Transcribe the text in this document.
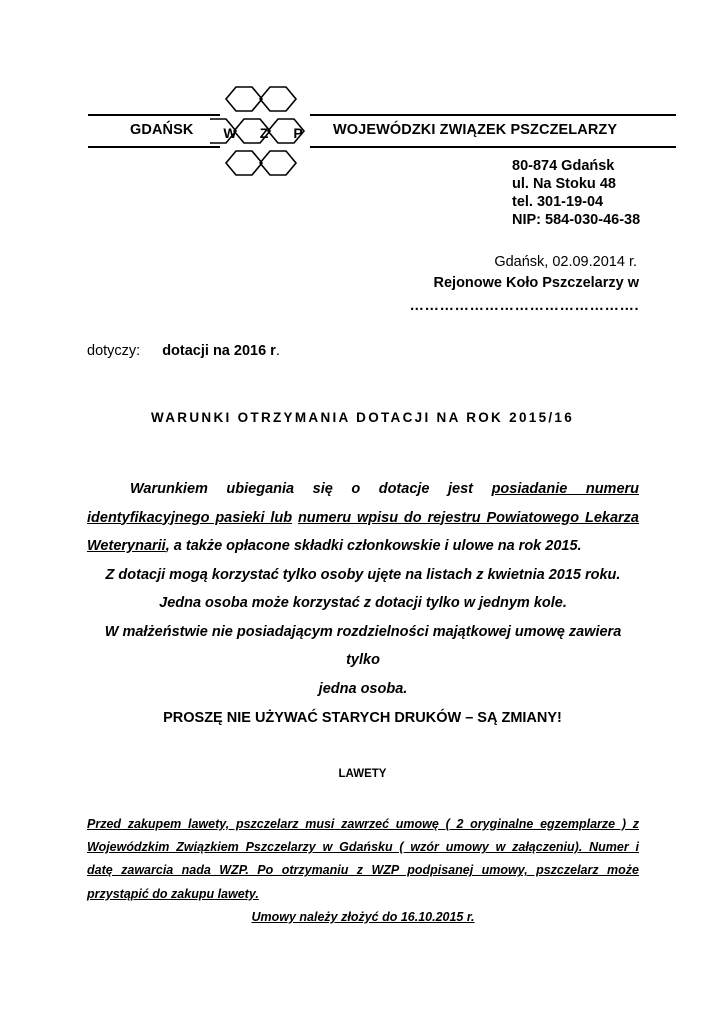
GDAŃSK	WOJEWÓDZKI ZWIĄZEK PSZCZELARZY
W Z P
80-874 Gdańsk
ul. Na Stoku 48
tel. 301-19-04
NIP: 584-030-46-38
Gdańsk, 02.09.2014 r.
Rejonowe Koło Pszczelarzy w
……………………………………….
dotyczy: dotacji na 2016 r.
WARUNKI OTRZYMANIA DOTACJI NA ROK 2015/16
Warunkiem ubiegania się o dotacje jest posiadanie numeru
identyfikacyjnego pasieki lub numeru wpisu do rejestru Powiatowego Lekarza
Weterynarii, a także opłacone składki członkowskie i ulowe na rok 2015.
Z dotacji mogą korzystać tylko osoby ujęte na listach z kwietnia 2015 roku.
Jedna osoba może korzystać z dotacji tylko w jednym kole.
W małżeństwie nie posiadającym rozdzielności majątkowej umowę zawiera tylko
jedna osoba.
PROSZĘ NIE UŻYWAĆ STARYCH DRUKÓW – SĄ ZMIANY!
LAWETY
Przed zakupem lawety, pszczelarz musi zawrzeć umowę ( 2 oryginalne egzemplarze ) z
Wojewódzkim Związkiem Pszczelarzy w Gdańsku ( wzór umowy w załączeniu). Numer i
datę zawarcia nada WZP. Po otrzymaniu z WZP podpisanej umowy, pszczelarz może
przystąpić do zakupu lawety.
Umowy należy złożyć do 16.10.2015 r.
